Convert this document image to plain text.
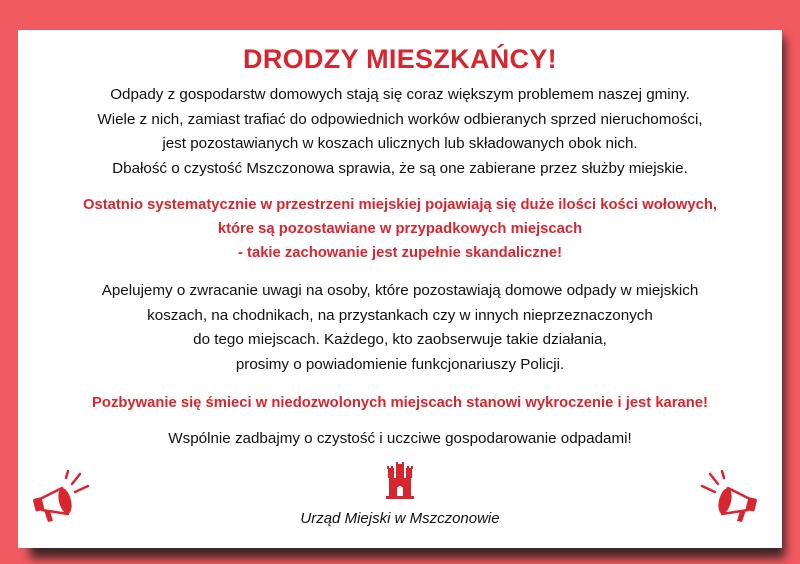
DRODZY MIESZKAŃCY!

Odpady z gospodarstw domowych stają się coraz większym problemem naszej gminy.
Wiele z nich, zamiast trafiać do odpowiednich worków odbieranych sprzed nieruchomości,
jest pozostawianych w koszach ulicznych lub składowanych obok nich.
Dbałość o czystość Mszczonowa sprawia, że są one zabierane przez służby miejskie.

Ostatnio systematycznie w przestrzeni miejskiej pojawiają się duże ilości kości wołowych,
które są pozostawiane w przypadkowych miejscach
- takie zachowanie jest zupełnie skandaliczne!

Apelujemy o zwracanie uwagi na osoby, które pozostawiają domowe odpady w miejskich
koszach, na chodnikach, na przystankach czy w innych nieprzeznaczonych
do tego miejscach. Każdego, kto zaobserwuje takie działania,
prosimy o powiadomienie funkcjonariuszy Policji.

Pozbywanie się śmieci w niedozwolonych miejscach stanowi wykroczenie i jest karane!

Wspólnie zadbajmy o czystość i uczciwe gospodarowanie odpadami!

Urząd Miejski w Mszczonowie
